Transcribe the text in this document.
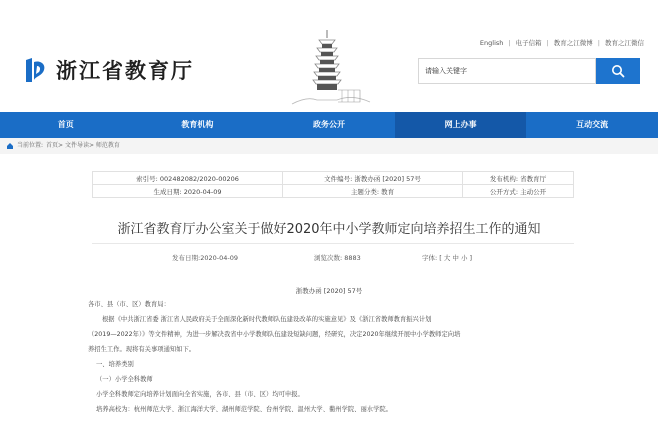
浙江省教育厅
English | 电子信箱 | 教育之江微博 | 教育之江微信
请输入关键字
首页	教育机构	政务公开	网上办事	互动交流
当前位置: 首页> 文件导读> 师范教育
索引号: 002482082/2020-00206	文件编号: 浙教办函 [2020] 57号	发布机构: 省教育厅
生成日期: 2020-04-09	主题分类: 教育	公开方式: 主动公开
浙江省教育厅办公室关于做好2020年中小学教师定向培养招生工作的通知
发布日期:2020-04-09	浏览次数: 8883	字体: [ 大 中 小 ]
浙教办函 [2020] 57号
各市、县（市、区）教育局：
根据《中共浙江省委 浙江省人民政府关于全面深化新时代教师队伍建设改革的实施意见》及《浙江省教师教育振兴计划
（2019—2022年）》等文件精神，为进一步解决我省中小学教师队伍建设短缺问题，经研究，决定2020年继续开展中小学教师定向培
养招生工作。现将有关事项通知如下。
一、培养类别
（一）小学全科教师
小学全科教师定向培养计划面向全省实施，各市、县（市、区）均可申报。
培养高校为：杭州师范大学、浙江海洋大学、湖州师范学院、台州学院、温州大学、衢州学院、丽水学院。
